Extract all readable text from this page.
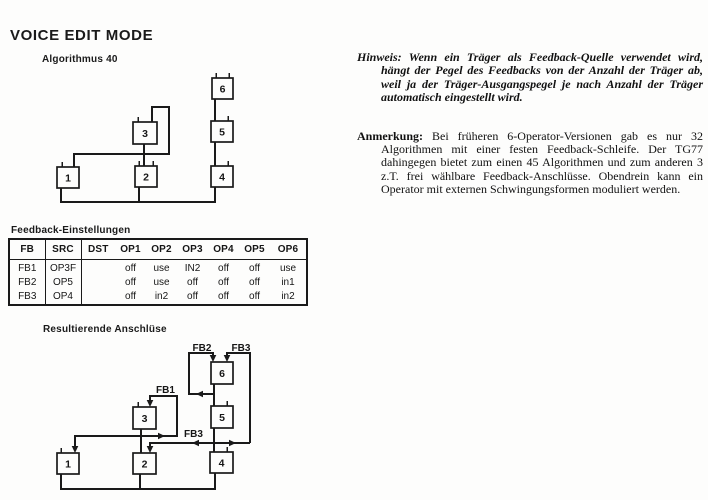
VOICE EDIT MODE
Algorithmus 40
Feedback-Einstellungen
Resultierende Anschlüse
1	2
3
4
5
6
1	2
3
4
5
6
FB2 FB3
FB1
FB3
FB	SRC	DST	OP1	OP2	OP3	OP4	OP5	OP6
FB1	OP3F		off	use	IN2	off	off	use
FB2	OP5		off	use	off	off	off	in1
FB3	OP4		off	in2	off	off	off	in2

Hinweis: Wenn ein Träger als Feedback-Quelle verwendet wird, hängt der Pegel des Feedbacks von der Anzahl der Träger ab, weil ja der Träger-Ausgangspegel je nach Anzahl der Träger automatisch eingestellt wird.

Anmerkung: Bei früheren 6-Operator-Versionen gab es nur 32 Algorithmen mit einer festen Feedback-Schleife. Der TG77 dahingegen bietet zum einen 45 Algorithmen und zum anderen 3 z.T. frei wählbare Feedback-Anschlüsse. Obendrein kann ein Operator mit externen Schwingungsformen moduliert werden.
